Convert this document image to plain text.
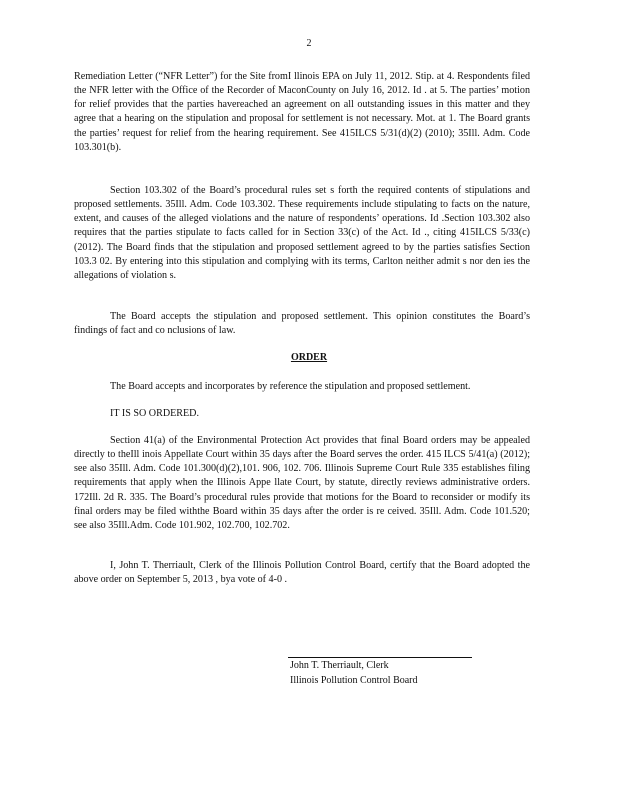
2

Remediation Letter (“NFR Letter”) for the Site fromI llinois EPA on July 11, 2012. Stip. at 4. Respondents filed the NFR letter with the Office of the Recorder of MaconCounty on July 16, 2012. Id . at 5. The parties’ motion for relief provides that the parties havereached an agreement on all outstanding issues in this matter and they agree that a hearing on the stipulation and proposal for settlement is not necessary. Mot. at 1. The Board grants the parties’ request for relief from the hearing requirement. See 415ILCS 5/31(d)(2) (2010); 35Ill. Adm. Code 103.301(b).

Section 103.302 of the Board’s procedural rules set s forth the required contents of stipulations and proposed settlements. 35Ill. Adm. Code 103.302. These requirements include stipulating to facts on the nature, extent, and causes of the alleged violations and the nature of respondents’ operations. Id .Section 103.302 also requires that the parties stipulate to facts called for in Section 33(c) of the Act. Id ., citing 415ILCS 5/33(c) (2012). The Board finds that the stipulation and proposed settlement agreed to by the parties satisfies Section 103.3 02. By entering into this stipulation and complying with its terms, Carlton neither admit s nor den ies the allegations of violation s.

The Board accepts the stipulation and proposed settlement. This opinion constitutes the Board’s findings of fact and co nclusions of law.

ORDER

The Board accepts and incorporates by reference the stipulation and proposed settlement.

IT IS SO ORDERED.

Section 41(a) of the Environmental Protection Act provides that final Board orders may be appealed directly to theIll inois Appellate Court within 35 days after the Board serves the order. 415 ILCS 5/41(a) (2012); see also 35Ill. Adm. Code 101.300(d)(2),101. 906, 102. 706. Illinois Supreme Court Rule 335 establishes filing requirements that apply when the Illinois Appe llate Court, by statute, directly reviews administrative orders. 172Ill. 2d R. 335. The Board’s procedural rules provide that motions for the Board to reconsider or modify its final orders may be filed withthe Board within 35 days after the order is re ceived. 35Ill. Adm. Code 101.520; see also 35Ill.Adm. Code 101.902, 102.700, 102.702.

I, John T. Therriault, Clerk of the Illinois Pollution Control Board, certify that the Board adopted the above order on September 5, 2013 , bya vote of 4-0 .

John T. Therriault, Clerk
Illinois Pollution Control Board
